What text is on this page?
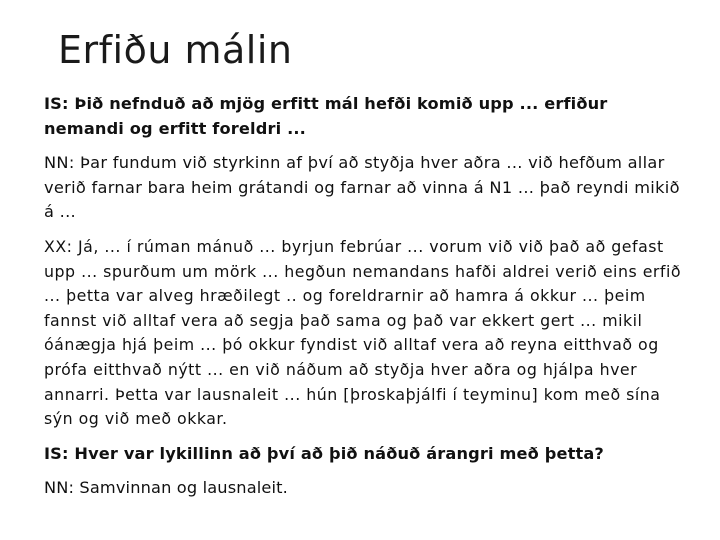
Erfiðu málin

IS: Þið nefnduð að mjög erfitt mál hefði komið upp ... erfiður nemandi og erfitt foreldri ...

NN: Þar fundum við styrkinn af því að styðja hver aðra ... við hefðum allar verið farnar bara heim grátandi og farnar að vinna á N1 ... það reyndi mikið á ...

XX: Já, ... í rúman mánuð ... byrjun febrúar ... vorum við við það að gefast upp ... spurðum um mörk ... hegðun nemandans hafði aldrei verið eins erfið ... þetta var alveg hræðilegt .. og foreldrarnir að hamra á okkur ... þeim fannst við alltaf vera að segja það sama og það var ekkert gert ... mikil óánægja hjá þeim ... þó okkur fyndist við alltaf vera að reyna eitthvað og prófa eitthvað nýtt ... en við náðum að styðja hver aðra og hjálpa hver annarri. Þetta var lausnaleit ... hún [þroskaþjálfi í teyminu] kom með sína sýn og við með okkar.

IS: Hver var lykillinn að því að þið náðuð árangri með þetta?

NN: Samvinnan og lausnaleit.
